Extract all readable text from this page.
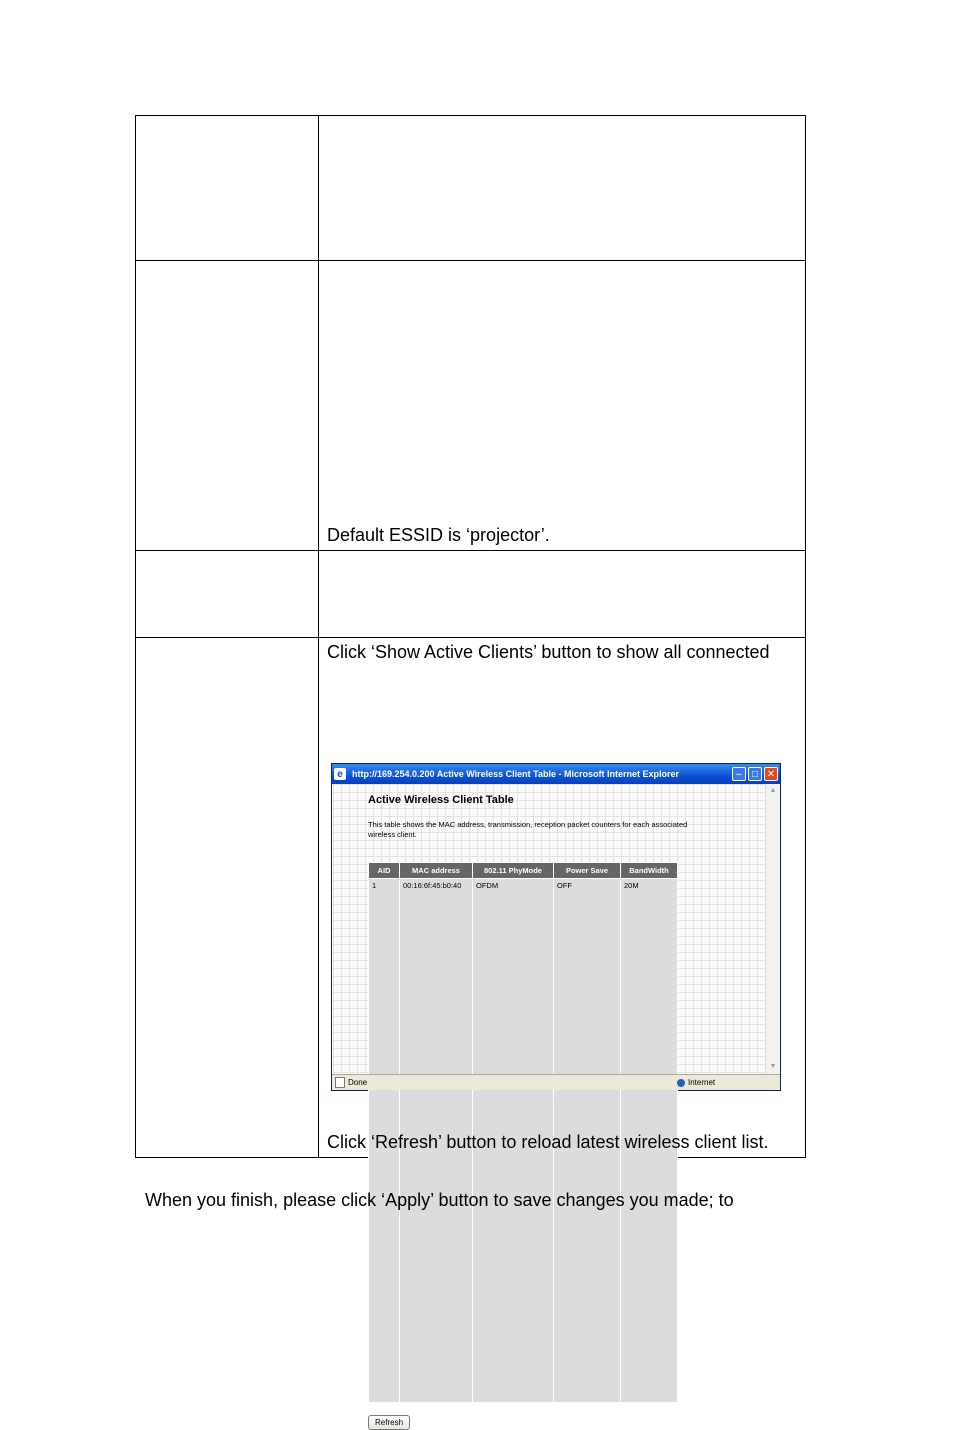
Default ESSID is ‘projector’.

Click ‘Show Active Clients’ button to show all connected
e	http://169.254.0.200 Active Wireless Client Table - Microsoft Internet Explorer	–	□ ✕
Active Wireless Client Table
This table shows the MAC address, transmission, reception packet counters for each associated wireless client.
AID	MAC address	802.11 PhyMode	Power Save	BandWidth
1	00:16:6f:45:b0:40	OFDM	OFF	20M
Refresh
▲
▼
Done	Internet
Click ‘Refresh’ button to reload latest wireless client list.
When you finish, please click ‘Apply’ button to save changes you made; to
